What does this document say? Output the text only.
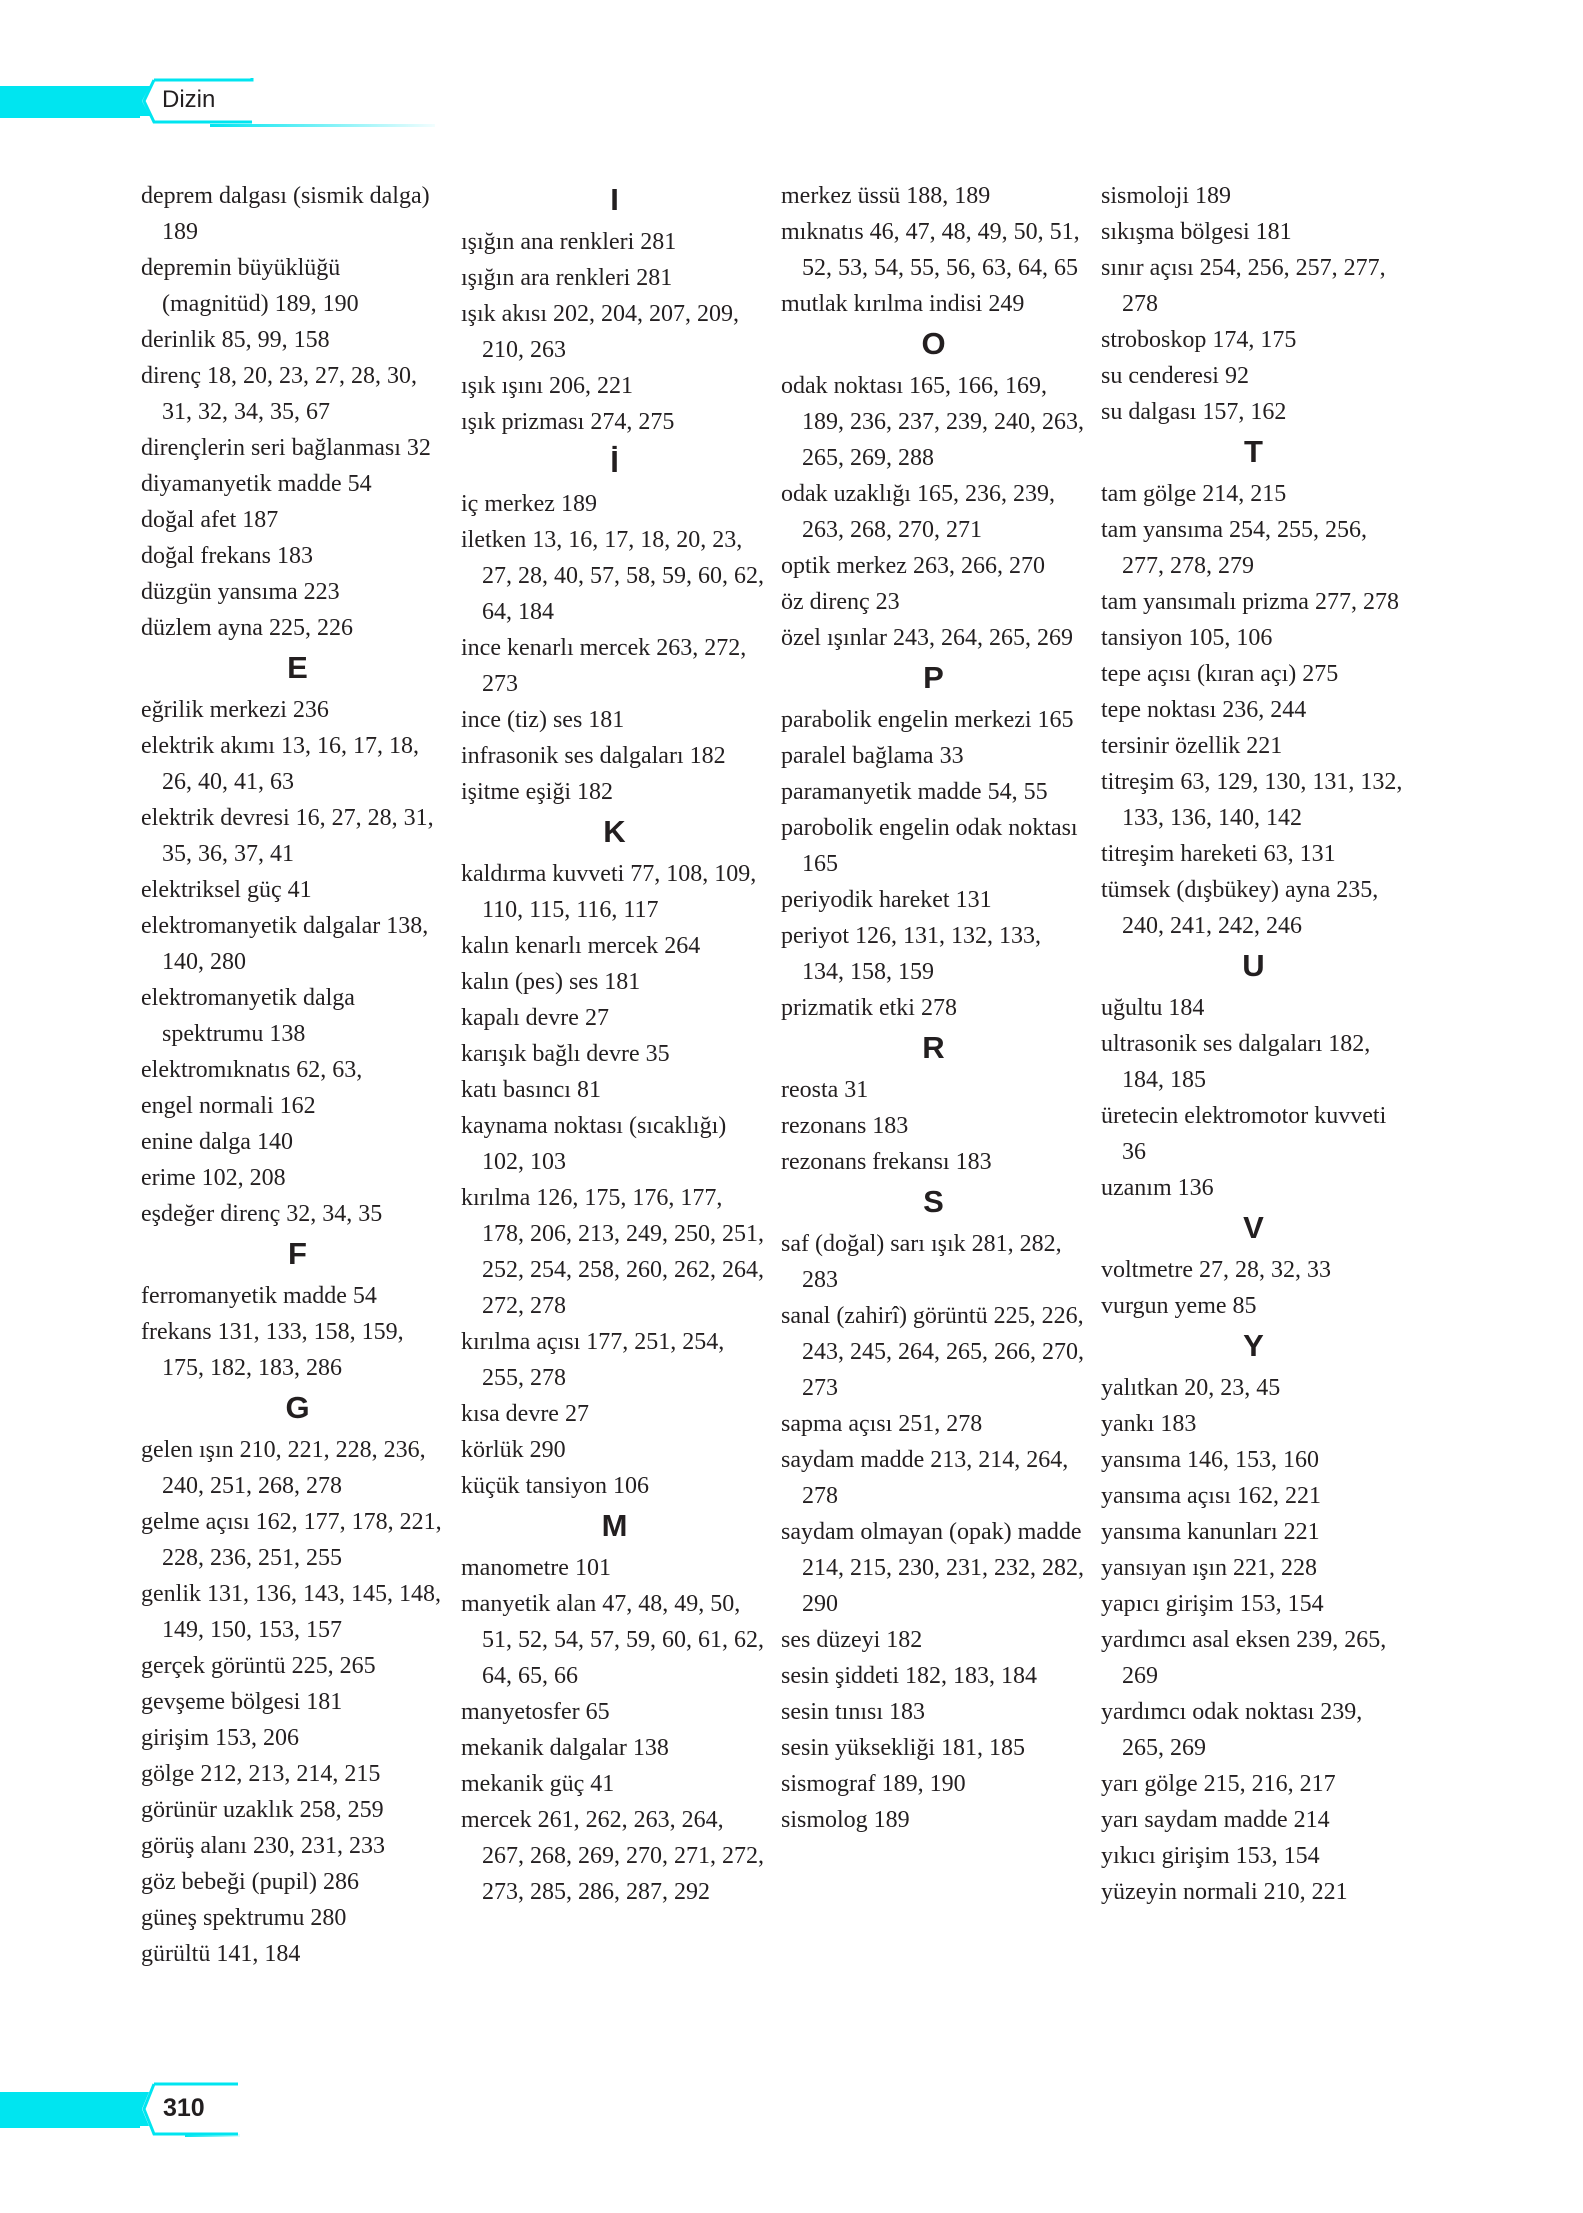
Dizin
deprem dalgası (sismik dalga) 189
depremin büyüklüğü (magnitüd) 189, 190
derinlik 85, 99, 158
direnç 18, 20, 23, 27, 28, 30, 31, 32, 34, 35, 67
dirençlerin seri bağlanması 32
diyamanyetik madde 54
doğal afet 187
doğal frekans 183
düzgün yansıma 223
düzlem ayna 225, 226
E
eğrilik merkezi 236
elektrik akımı 13, 16, 17, 18, 26, 40, 41, 63
elektrik devresi 16, 27, 28, 31, 35, 36, 37, 41
elektriksel güç 41
elektromanyetik dalgalar 138, 140, 280
elektromanyetik dalga spektrumu 138
elektromıknatıs 62, 63,
engel normali 162
enine dalga 140
erime 102, 208
eşdeğer direnç 32, 34, 35
F
ferromanyetik madde 54
frekans 131, 133, 158, 159, 175, 182, 183, 286
G
gelen ışın 210, 221, 228, 236, 240, 251, 268, 278
gelme açısı 162, 177, 178, 221, 228, 236, 251, 255
genlik 131, 136, 143, 145, 148, 149, 150, 153, 157
gerçek görüntü 225, 265
gevşeme bölgesi 181
girişim 153, 206
gölge 212, 213, 214, 215
görünür uzaklık 258, 259
görüş alanı 230, 231, 233
göz bebeği (pupil) 286
güneş spektrumu 280
gürültü 141, 184
I
ışığın ana renkleri 281
ışığın ara renkleri 281
ışık akısı 202, 204, 207, 209, 210, 263
ışık ışını 206, 221
ışık prizması 274, 275
İ
iç merkez 189
iletken 13, 16, 17, 18, 20, 23, 27, 28, 40, 57, 58, 59, 60, 62, 64, 184
ince kenarlı mercek 263, 272, 273
ince (tiz) ses 181
infrasonik ses dalgaları 182
işitme eşiği 182
K
kaldırma kuvveti 77, 108, 109, 110, 115, 116, 117
kalın kenarlı mercek 264
kalın (pes) ses 181
kapalı devre 27
karışık bağlı devre 35
katı basıncı 81
kaynama noktası (sıcaklığı) 102, 103
kırılma 126, 175, 176, 177, 178, 206, 213, 249, 250, 251, 252, 254, 258, 260, 262, 264, 272, 278
kırılma açısı 177, 251, 254, 255, 278
kısa devre 27
körlük 290
küçük tansiyon 106
M
manometre 101
manyetik alan 47, 48, 49, 50, 51, 52, 54, 57, 59, 60, 61, 62, 64, 65, 66
manyetosfer 65
mekanik dalgalar 138
mekanik güç 41
mercek 261, 262, 263, 264, 267, 268, 269, 270, 271, 272, 273, 285, 286, 287, 292
merkez üssü 188, 189
mıknatıs 46, 47, 48, 49, 50, 51, 52, 53, 54, 55, 56, 63, 64, 65
mutlak kırılma indisi 249
O
odak noktası 165, 166, 169, 189, 236, 237, 239, 240, 263, 265, 269, 288
odak uzaklığı 165, 236, 239, 263, 268, 270, 271
optik merkez 263, 266, 270
öz direnç 23
özel ışınlar 243, 264, 265, 269
P
parabolik engelin merkezi 165
paralel bağlama 33
paramanyetik madde 54, 55
parobolik engelin odak noktası 165
periyodik hareket 131
periyot 126, 131, 132, 133, 134, 158, 159
prizmatik etki 278
R
reosta 31
rezonans 183
rezonans frekansı 183
S
saf (doğal) sarı ışık 281, 282, 283
sanal (zahirî) görüntü 225, 226, 243, 245, 264, 265, 266, 270, 273
sapma açısı 251, 278
saydam madde 213, 214, 264, 278
saydam olmayan (opak) madde 214, 215, 230, 231, 232, 282, 290
ses düzeyi 182
sesin şiddeti 182, 183, 184
sesin tınısı 183
sesin yüksekliği 181, 185
sismograf 189, 190
sismolog 189
sismoloji 189
sıkışma bölgesi 181
sınır açısı 254, 256, 257, 277, 278
stroboskop 174, 175
su cenderesi 92
su dalgası 157, 162
T
tam gölge 214, 215
tam yansıma 254, 255, 256, 277, 278, 279
tam yansımalı prizma 277, 278
tansiyon 105, 106
tepe açısı (kıran açı) 275
tepe noktası 236, 244
tersinir özellik 221
titreşim 63, 129, 130, 131, 132, 133, 136, 140, 142
titreşim hareketi 63, 131
tümsek (dışbükey) ayna 235, 240, 241, 242, 246
U
uğultu 184
ultrasonik ses dalgaları 182, 184, 185
üretecin elektromotor kuvveti 36
uzanım 136
V
voltmetre 27, 28, 32, 33
vurgun yeme 85
Y
yalıtkan 20, 23, 45
yankı 183
yansıma 146, 153, 160
yansıma açısı 162, 221
yansıma kanunları 221
yansıyan ışın 221, 228
yapıcı girişim 153, 154
yardımcı asal eksen 239, 265, 269
yardımcı odak noktası 239, 265, 269
yarı gölge 215, 216, 217
yarı saydam madde 214
yıkıcı girişim 153, 154
yüzeyin normali 210, 221
310
